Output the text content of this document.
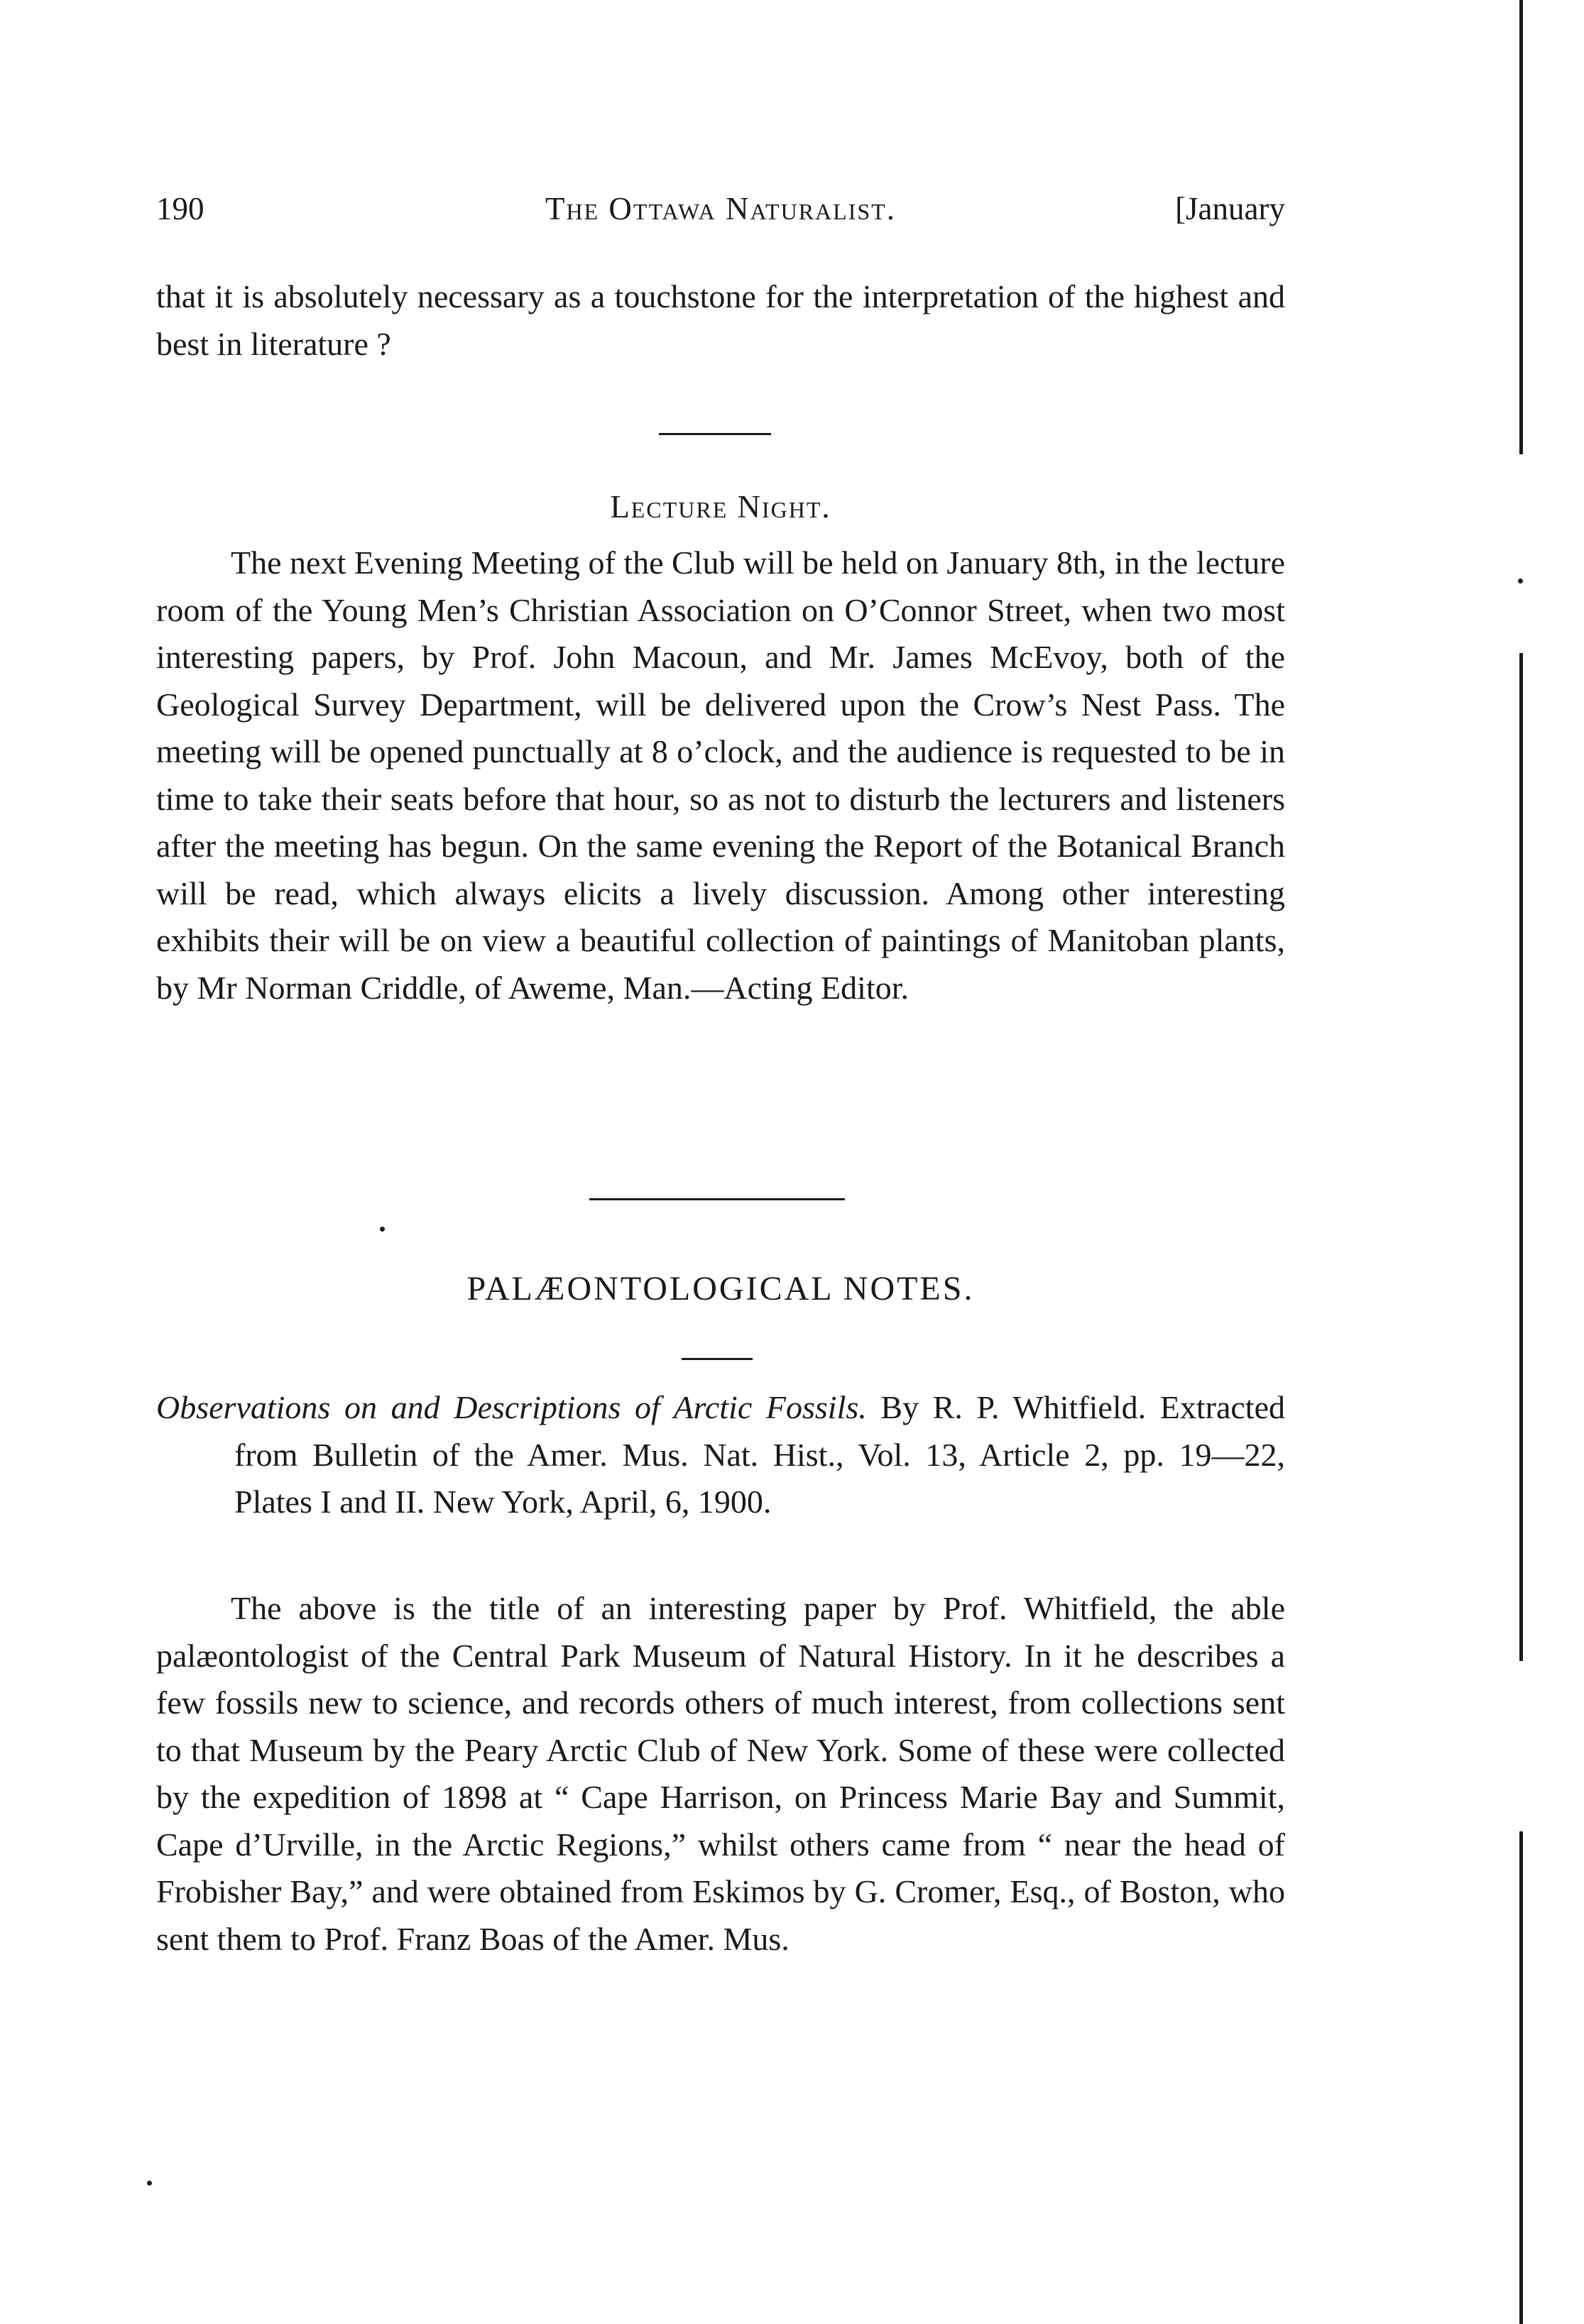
190	The Ottawa Naturalist.	[January

that it is absolutely necessary as a touchstone for the interpretation of the highest and best in literature ?

Lecture Night.

The next Evening Meeting of the Club will be held on January 8th, in the lecture room of the Young Men’s Christian Association on O’Connor Street, when two most interesting papers, by Prof. John Macoun, and Mr. James McEvoy, both of the Geological Survey Department, will be delivered upon the Crow’s Nest Pass. The meeting will be opened punctually at 8 o’clock, and the audience is requested to be in time to take their seats before that hour, so as not to disturb the lecturers and listeners after the meeting has begun. On the same evening the Report of the Botanical Branch will be read, which always elicits a lively discussion. Among other interesting exhibits their will be on view a beautiful collection of paintings of Manitoban plants, by Mr Norman Criddle, of Aweme, Man.—Acting Editor.

PALÆONTOLOGICAL NOTES.

Observations on and Descriptions of Arctic Fossils. By R. P. Whitfield. Extracted from Bulletin of the Amer. Mus. Nat. Hist., Vol. 13, Article 2, pp. 19—22, Plates I and II. New York, April, 6, 1900.

The above is the title of an interesting paper by Prof. Whitfield, the able palæontologist of the Central Park Museum of Natural History. In it he describes a few fossils new to science, and records others of much interest, from collections sent to that Museum by the Peary Arctic Club of New York. Some of these were collected by the expedition of 1898 at “ Cape Harrison, on Princess Marie Bay and Summit, Cape d’Urville, in the Arctic Regions,” whilst others came from “ near the head of Frobisher Bay,” and were obtained from Eskimos by G. Cromer, Esq., of Boston, who sent them to Prof. Franz Boas of the Amer. Mus.
